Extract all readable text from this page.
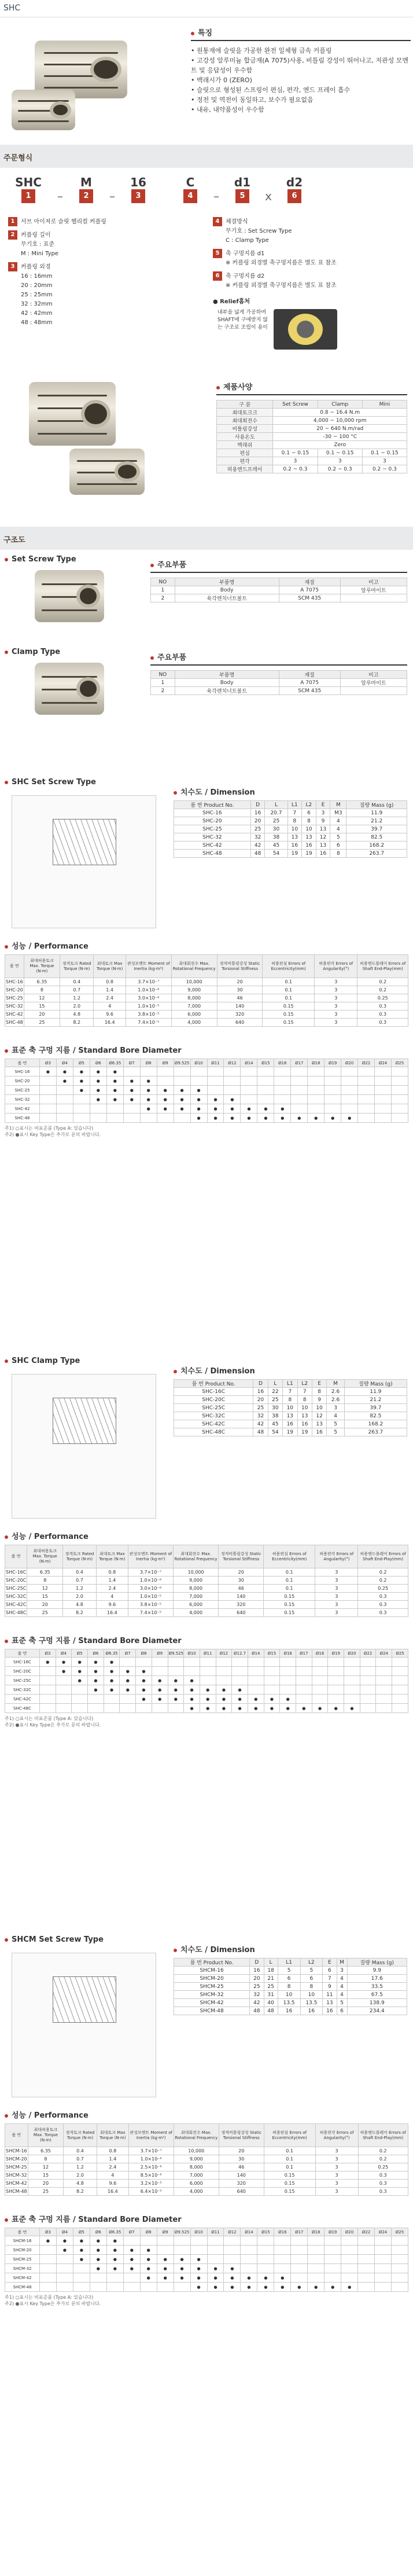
SHC
특징
• 원통재에 슬릿을 가공한 완전 일체형 금속 커플링
• 고강성 알루미늄 합금재(A 7075)사용, 비틀림 강성이 뛰어나고, 저관성 모멘트 및 응답성이 우수함
• 백래시가 0 (ZERO)
• 슬릿으로 형성된 스프링이 편심, 편각, 엔드 프레이 흡수
• 정전 및 역전이 동일하고, 보수가 필요없음
• 내유, 내약품성이 우수함
주문형식
SHC
1	–
M
2	–
16
3
C
4	–
d1
5	x
d2
6
1 서브 아이져로 슬릿 헬리컬 커플링
2 커플링 길이
무기호 : 표준
M : Mini Type
3 커플링 외경
16 : 16mm
20 : 20mm
25 : 25mm
32 : 32mm
42 : 42mm
48 : 48mm
4 체결방식
무기호 : Set Screw Type
C : Clamp Type
5 축 구멍지름 d1
※ 커플링 외경별 축구멍지름은 별도 표 참조
6 축 구멍지름 d2
※ 커플링 외경별 축구멍지름은 별도 표 참조
● Relief홈처
내부을 넓게 가공하여
SHAFT에 구애받지 않
는 구조로 조립이 용이
제품사양
구 분	Set Screw	Clamp	Mini
최대토크크	0.8 ~ 16.4 N.m		
최대회전수	4,000 ~ 10,000 rpm		
비틀림강성	20 ~ 640 N.m/rad		
사용온도	-30 ~ 100 °C		
백래쉬	Zero		
편심	0.1 ~ 0.15	0.1 ~ 0.15	0.1 ~ 0.15
편각	3	3	3
허용엔드프레이	0.2 ~ 0.3	0.2 ~ 0.3	0.2 ~ 0.3
구조도
Set Screw Type
주요부품
NO	부품명	재질	비고
1	Body	A 7075	알루마이트
2	육각렌치너트볼트	SCM 435	
Clamp Type
주요부품
NO	부품명	재질	비고
1	Body	A 7075	알루마이트
2	육각렌치너트볼트	SCM 435	
SHC Set Screw Type
치수도 / Dimension
품 번 Product No.	D	L	L1	L2	E	M	질량 Mass (g)
SHC-16	16	20.7	7	6	3	M3	11.9
SHC-20	20	25	8	8	9	4	21.2
SHC-25	25	30	10	10	13	4	39.7
SHC-32	32	38	13	13	12	5	82.5
SHC-42	42	45	16	16	13	6	168.2
SHC-48	48	54	19	19	16	8	263.7
성능 / Performance
품 번	최대허용토크 Max. Torque (N·m)	정격토크 Rated Torque (N·m)	최대토크 Max Torque (N·m)	관성모멘트 Moment of Inertia (kg·m²)	최대회전수 Max. Rotational Frequency	정적비틀림강성 Static Torsional Stiffness	허용편심 Errors of Eccentricity(mm)	허용편각 Errors of Angularity(°)	허용엔드플레이 Errors of Shaft End-Play(mm)
SHC-16	6.35	0.4	0.8	3.7×10⁻⁷	10,000	20	0.1	3	0.2
SHC-20	8	0.7	1.4	1.0×10⁻⁶	9,000	30	0.1	3	0.2
SHC-25	12	1.2	2.4	3.0×10⁻⁶	8,000	46	0.1	3	0.25
SHC-32	15	2.0	4	1.0×10⁻⁵	7,000	140	0.15	3	0.3
SHC-42	20	4.8	9.6	3.8×10⁻⁵	6,000	320	0.15	3	0.3
SHC-48	25	8.2	16.4	7.4×10⁻⁵	4,000	640	0.15	3	0.3
표준 축 구멍 지름 / Standard Bore Diameter
품 번	Ø3	Ø4	Ø5	Ø6	Ø6.35	Ø7	Ø8	Ø9	Ø9.525	Ø10	Ø11	Ø12	Ø14	Ø15	Ø16	Ø17	Ø18	Ø19	Ø20	Ø22	Ø24	Ø25
SHC-16	●	●	●	●	●																	
SHC-20		●	●	●	●	●	●															
SHC-25			●	●	●	●	●	●	●	●												
SHC-32				●	●	●	●	●	●	●	●	●										
SHC-42							●	●	●	●	●	●	●	●	●							
SHC-48										●	●	●	●	●	●	●	●	●	●			
주1) ○표시는 비표준품 (Type A: 있습니다)
주2) ●표시 Key Type은 추가로 문의 바랍니다.
SHC Clamp Type
치수도 / Dimension
품 번 Product No.	D	L	L1	L2	E	M	질량 Mass (g)
SHC-16C	16	22	7	7	8	2.6	11.9
SHC-20C	20	25	8	8	9	2.6	21.2
SHC-25C	25	30	10	10	10	3	39.7
SHC-32C	32	38	13	13	12	4	82.5
SHC-42C	42	45	16	16	13	5	168.2
SHC-48C	48	54	19	19	16	5	263.7
성능 / Performance
품 번	최대허용토크 Max. Torque (N·m)	정격토크 Rated Torque (N·m)	최대토크 Max Torque (N·m)	관성모멘트 Moment of Inertia (kg·m²)	최대회전수 Max. Rotational Frequency	정적비틀림강성 Static Torsional Stiffness	허용편심 Errors of Eccentricity(mm)	허용편각 Errors of Angularity(°)	허용엔드플레이 Errors of Shaft End-Play(mm)
SHC-16C	6.35	0.4	0.8	3.7×10⁻⁷	10,000	20	0.1	3	0.2
SHC-20C	8	0.7	1.4	1.0×10⁻⁶	9,000	30	0.1	3	0.2
SHC-25C	12	1.2	2.4	3.0×10⁻⁶	8,000	46	0.1	3	0.25
SHC-32C	15	2.0	4	1.0×10⁻⁵	7,000	140	0.15	3	0.3
SHC-42C	20	4.8	9.6	3.8×10⁻⁵	6,000	320	0.15	3	0.3
SHC-48C	25	8.2	16.4	7.4×10⁻⁵	4,000	640	0.15	3	0.3
표준 축 구멍 지름 / Standard Bore Diameter
품 번	Ø3	Ø4	Ø5	Ø6	Ø6.35	Ø7	Ø8	Ø9	Ø9.525	Ø10	Ø11	Ø12	Ø12.7	Ø14	Ø15	Ø16	Ø17	Ø18	Ø19	Ø20	Ø22	Ø24	Ø25
SHC-16C	●	●	●	●	●																		
SHC-20C		●	●	●	●	●	●																
SHC-25C			●	●	●	●	●	●	●	●													
SHC-32C				●	●	●	●	●	●	●	●	●	●										
SHC-42C							●	●	●	●	●	●	●	●	●	●							
SHC-48C										●	●	●	●	●	●	●	●	●	●	●			
주1) ○표시는 비표준품 (Type A: 있습니다)
주2) ●표시 Key Type은 추가로 문의 바랍니다.
SHCM Set Screw Type
치수도 / Dimension
품 번 Product No.	D	L	L1	L2	E	M	질량 Mass (g)
SHCM-16	16	18	5	5	6	3	9.9
SHCM-20	20	21	6	6	7	4	17.6
SHCM-25	25	25	8	8	9	4	33.5
SHCM-32	32	31	10	10	11	4	67.5
SHCM-42	42	40	13.5	13.5	13	5	138.9
SHCM-48	48	48	16	16	16	6	234.4
성능 / Performance
품 번	최대허용토크 Max. Torque (N·m)	정격토크 Rated Torque (N·m)	최대토크 Max Torque (N·m)	관성모멘트 Moment of Inertia (kg·m²)	최대회전수 Max. Rotational Frequency	정적비틀림강성 Static Torsional Stiffness	허용편심 Errors of Eccentricity(mm)	허용편각 Errors of Angularity(°)	허용엔드플레이 Errors of Shaft End-Play(mm)
SHCM-16	6.35	0.4	0.8	3.7×10⁻⁷	10,000	20	0.1	3	0.2
SHCM-20	8	0.7	1.4	1.0×10⁻⁶	9,000	30	0.1	3	0.2
SHCM-25	12	1.2	2.4	2.5×10⁻⁶	8,000	46	0.1	3	0.25
SHCM-32	15	2.0	4	8.5×10⁻⁶	7,000	140	0.15	3	0.3
SHCM-42	20	4.8	9.6	3.2×10⁻⁵	6,000	320	0.15	3	0.3
SHCM-48	25	8.2	16.4	6.4×10⁻⁵	4,000	640	0.15	3	0.3
표준 축 구멍 지름 / Standard Bore Diameter
품 번	Ø3	Ø4	Ø5	Ø6	Ø6.35	Ø7	Ø8	Ø9	Ø9.525	Ø10	Ø11	Ø12	Ø14	Ø15	Ø16	Ø17	Ø18	Ø19	Ø20	Ø22	Ø24	Ø25
SHCM-16	●	●	●	●	●																	
SHCM-20		●	●	●	●	●	●															
SHCM-25			●	●	●	●	●	●	●	●												
SHCM-32				●	●	●	●	●	●	●	●	●										
SHCM-42							●	●	●	●	●	●	●	●	●							
SHCM-48										●	●	●	●	●	●	●	●	●	●			
주1) ○표시는 비표준품 (Type A: 있습니다)
주2) ●표시 Key Type은 추가로 문의 바랍니다.
